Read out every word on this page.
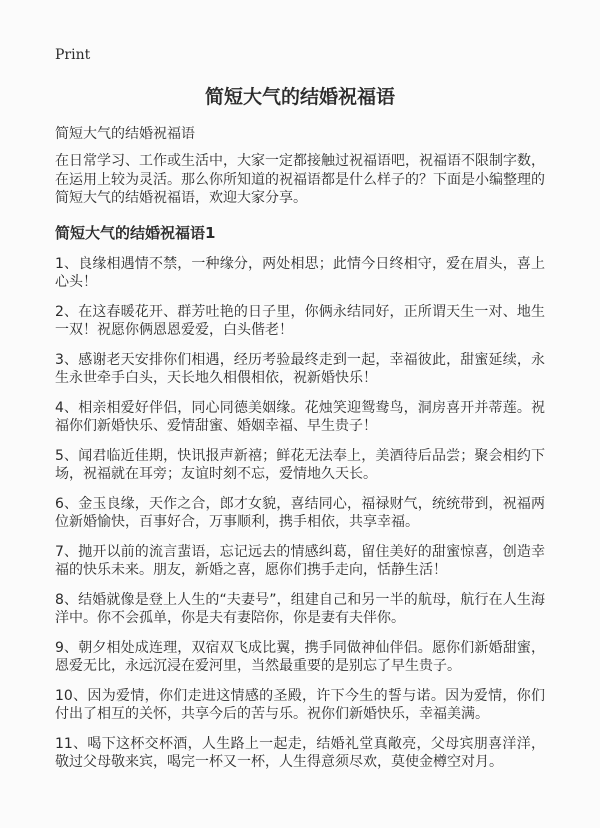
Print
简短大气的结婚祝福语

简短大气的结婚祝福语

在日常学习、工作或生活中，大家一定都接触过祝福语吧，祝福语不限制字数，在运用上较为灵活。那么你所知道的祝福语都是什么样子的？下面是小编整理的简短大气的结婚祝福语，欢迎大家分享。

简短大气的结婚祝福语1

1、良缘相遇情不禁，一种缘分，两处相思；此情今日终相守，爱在眉头，喜上心头！

2、在这春暖花开、群芳吐艳的日子里，你俩永结同好，正所谓天生一对、地生一双！祝愿你俩恩恩爱爱，白头偕老！

3、感谢老天安排你们相遇，经历考验最终走到一起，幸福彼此，甜蜜延续，永生永世牵手白头，天长地久相偎相依，祝新婚快乐！

4、相亲相爱好伴侣，同心同德美姻缘。花烛笑迎鸳鸯鸟，洞房喜开并蒂莲。祝福你们新婚快乐、爱情甜蜜、婚姻幸福、早生贵子！

5、闻君临近佳期，快讯报声新禧；鲜花无法奉上，美酒待后品尝；聚会相约下场，祝福就在耳旁；友谊时刻不忘，爱情地久天长。

6、金玉良缘，天作之合，郎才女貌，喜结同心，福禄财气，统统带到，祝福两位新婚愉快，百事好合，万事顺利，携手相依，共享幸福。

7、抛开以前的流言蜚语，忘记远去的情感纠葛，留住美好的甜蜜惊喜，创造幸福的快乐未来。朋友，新婚之喜，愿你们携手走向，恬静生活！

8、结婚就像是登上人生的“夫妻号”，组建自己和另一半的航母，航行在人生海洋中。你不会孤单，你是夫有妻陪你，你是妻有夫伴你。

9、朝夕相处成连理，双宿双飞成比翼，携手同做神仙伴侣。愿你们新婚甜蜜，恩爱无比，永远沉浸在爱河里，当然最重要的是别忘了早生贵子。

10、因为爱情，你们走进这情感的圣殿，许下今生的誓与诺。因为爱情，你们付出了相互的关怀，共享今后的苦与乐。祝你们新婚快乐，幸福美满。

11、喝下这杯交杯酒，人生路上一起走，结婚礼堂真敞亮，父母宾朋喜洋洋，敬过父母敬来宾，喝完一杯又一杯，人生得意须尽欢，莫使金樽空对月。
